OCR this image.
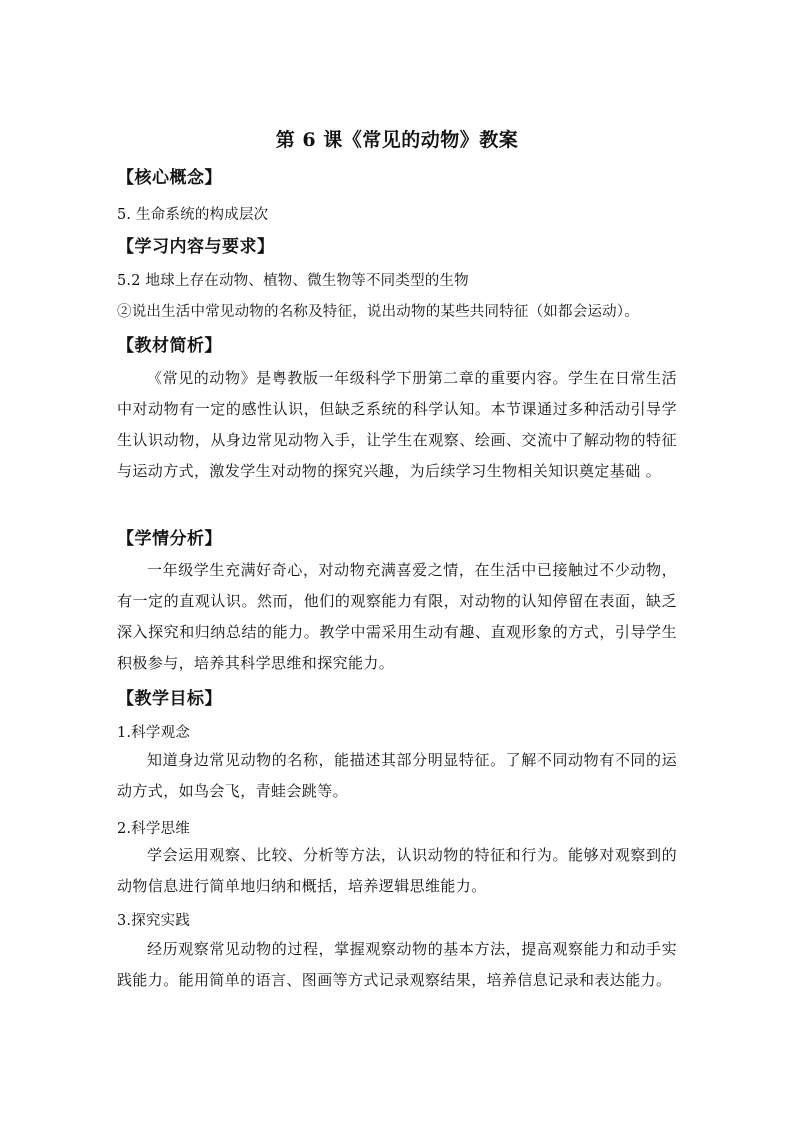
第 6 课《常见的动物》教案
【核心概念】
5. 生命系统的构成层次
【学习内容与要求】
5.2 地球上存在动物、植物、微生物等不同类型的生物
②说出生活中常见动物的名称及特征，说出动物的某些共同特征（如都会运动）。
【教材简析】
《常见的动物》是粤教版一年级科学下册第二章的重要内容。学生在日常生活中对动物有一定的感性认识，但缺乏系统的科学认知。本节课通过多种活动引导学生认识动物，从身边常见动物入手，让学生在观察、绘画、交流中了解动物的特征与运动方式，激发学生对动物的探究兴趣，为后续学习生物相关知识奠定基础 。
【学情分析】
一年级学生充满好奇心，对动物充满喜爱之情，在生活中已接触过不少动物，有一定的直观认识。然而，他们的观察能力有限，对动物的认知停留在表面，缺乏深入探究和归纳总结的能力。教学中需采用生动有趣、直观形象的方式，引导学生积极参与，培养其科学思维和探究能力。
【教学目标】
1.科学观念
知道身边常见动物的名称，能描述其部分明显特征。了解不同动物有不同的运动方式，如鸟会飞，青蛙会跳等。
2.科学思维
学会运用观察、比较、分析等方法，认识动物的特征和行为。能够对观察到的动物信息进行简单地归纳和概括，培养逻辑思维能力。
3.探究实践
经历观察常见动物的过程，掌握观察动物的基本方法，提高观察能力和动手实践能力。能用简单的语言、图画等方式记录观察结果，培养信息记录和表达能力。
